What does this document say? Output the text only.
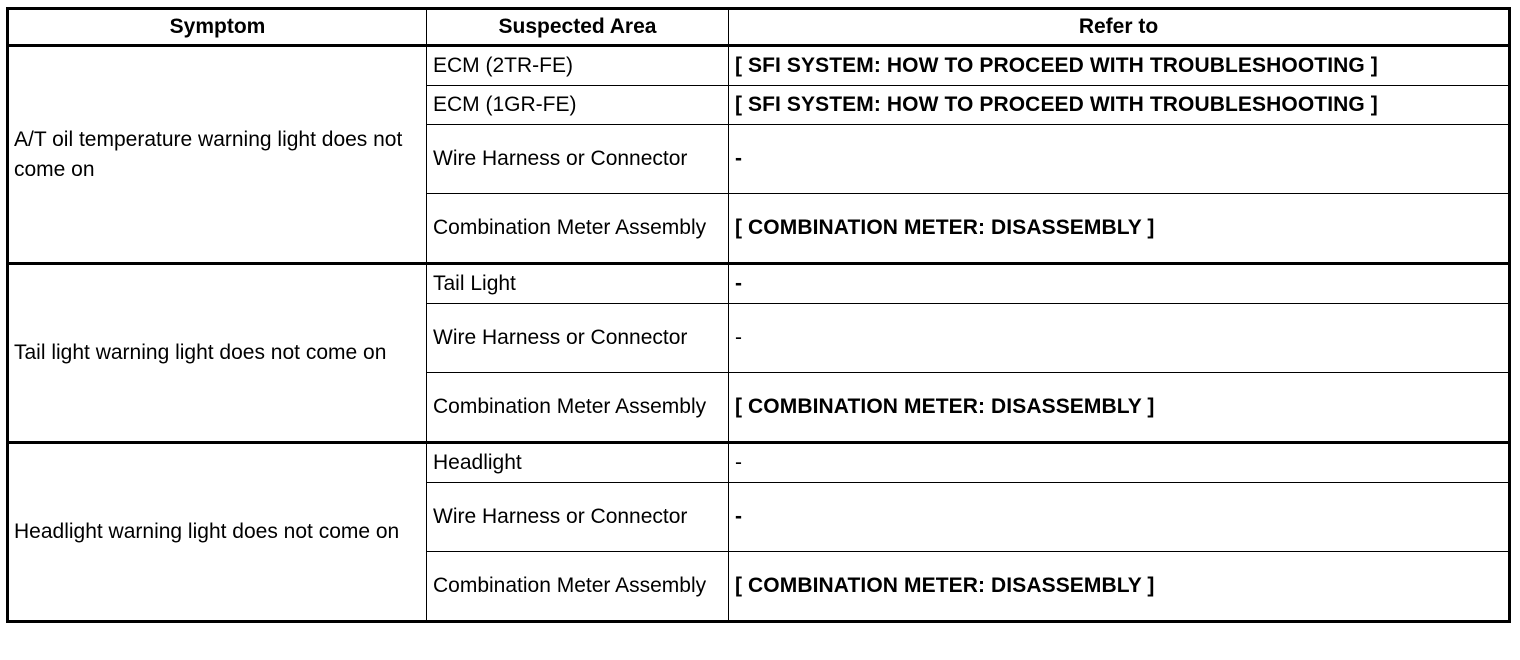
Symptom	Suspected Area	Refer to
A/T oil temperature warning light does not come on	ECM (2TR-FE)	[ SFI SYSTEM: HOW TO PROCEED WITH TROUBLESHOOTING ]
	ECM (1GR-FE)	[ SFI SYSTEM: HOW TO PROCEED WITH TROUBLESHOOTING ]
	Wire Harness or Connector	-
	Combination Meter Assembly	[ COMBINATION METER: DISASSEMBLY ]
Tail light warning light does not come on	Tail Light	-
	Wire Harness or Connector	-
	Combination Meter Assembly	[ COMBINATION METER: DISASSEMBLY ]
Headlight warning light does not come on	Headlight	-
	Wire Harness or Connector	-
	Combination Meter Assembly	[ COMBINATION METER: DISASSEMBLY ]
